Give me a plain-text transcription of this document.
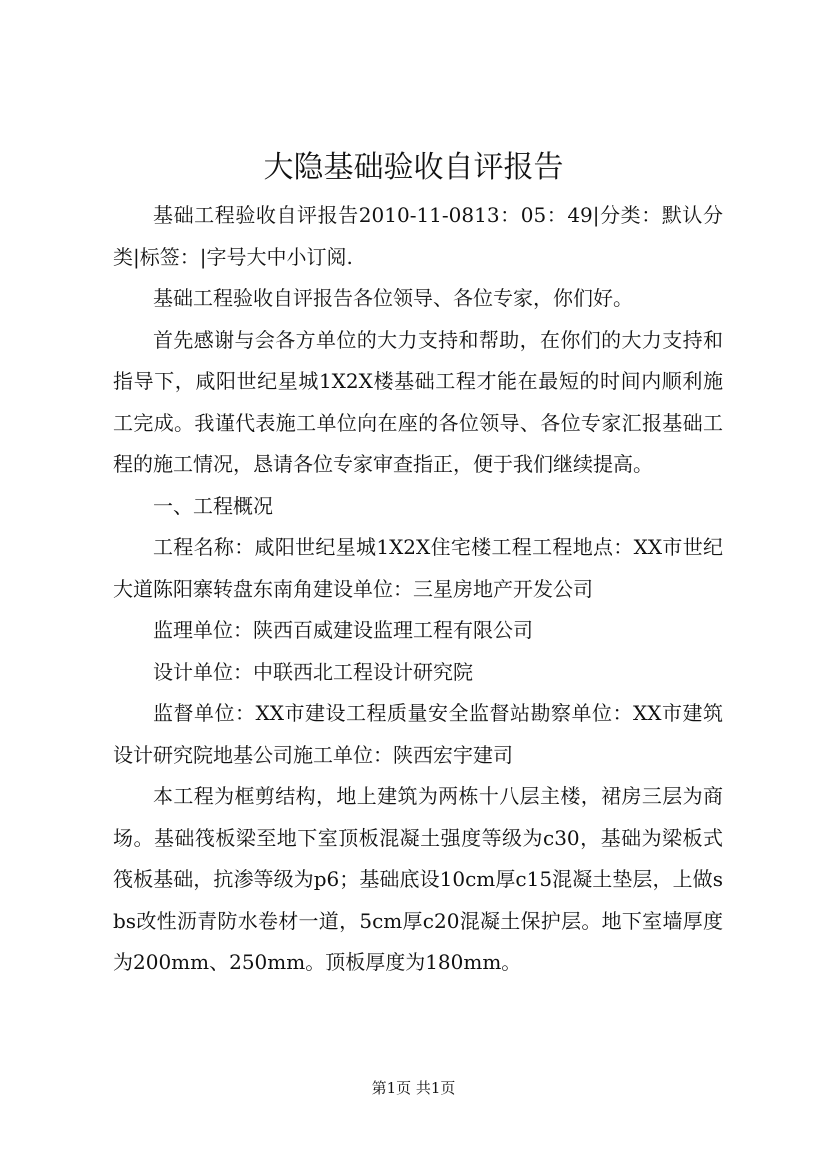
大隐基础验收自评报告

基础工程验收自评报告2010-11-0813：05：49|分类：默认分类|标签：|字号大中小订阅.

基础工程验收自评报告各位领导、各位专家，你们好。

首先感谢与会各方单位的大力支持和帮助，在你们的大力支持和指导下，咸阳世纪星城1X2X楼基础工程才能在最短的时间内顺利施工完成。我谨代表施工单位向在座的各位领导、各位专家汇报基础工程的施工情况，恳请各位专家审查指正，便于我们继续提高。

一、工程概况

工程名称：咸阳世纪星城1X2X住宅楼工程工程地点：XX市世纪大道陈阳寨转盘东南角建设单位：三星房地产开发公司

监理单位：陕西百威建设监理工程有限公司

设计单位：中联西北工程设计研究院

监督单位：XX市建设工程质量安全监督站勘察单位：XX市建筑设计研究院地基公司施工单位：陕西宏宇建司

本工程为框剪结构，地上建筑为两栋十八层主楼，裙房三层为商场。基础筏板梁至地下室顶板混凝土强度等级为c30，基础为梁板式筏板基础，抗渗等级为p6；基础底设10cm厚c15混凝土垫层，上做sbs改性沥青防水卷材一道，5cm厚c20混凝土保护层。地下室墙厚度为200mm、250mm。顶板厚度为180mm。

第1页 共1页
